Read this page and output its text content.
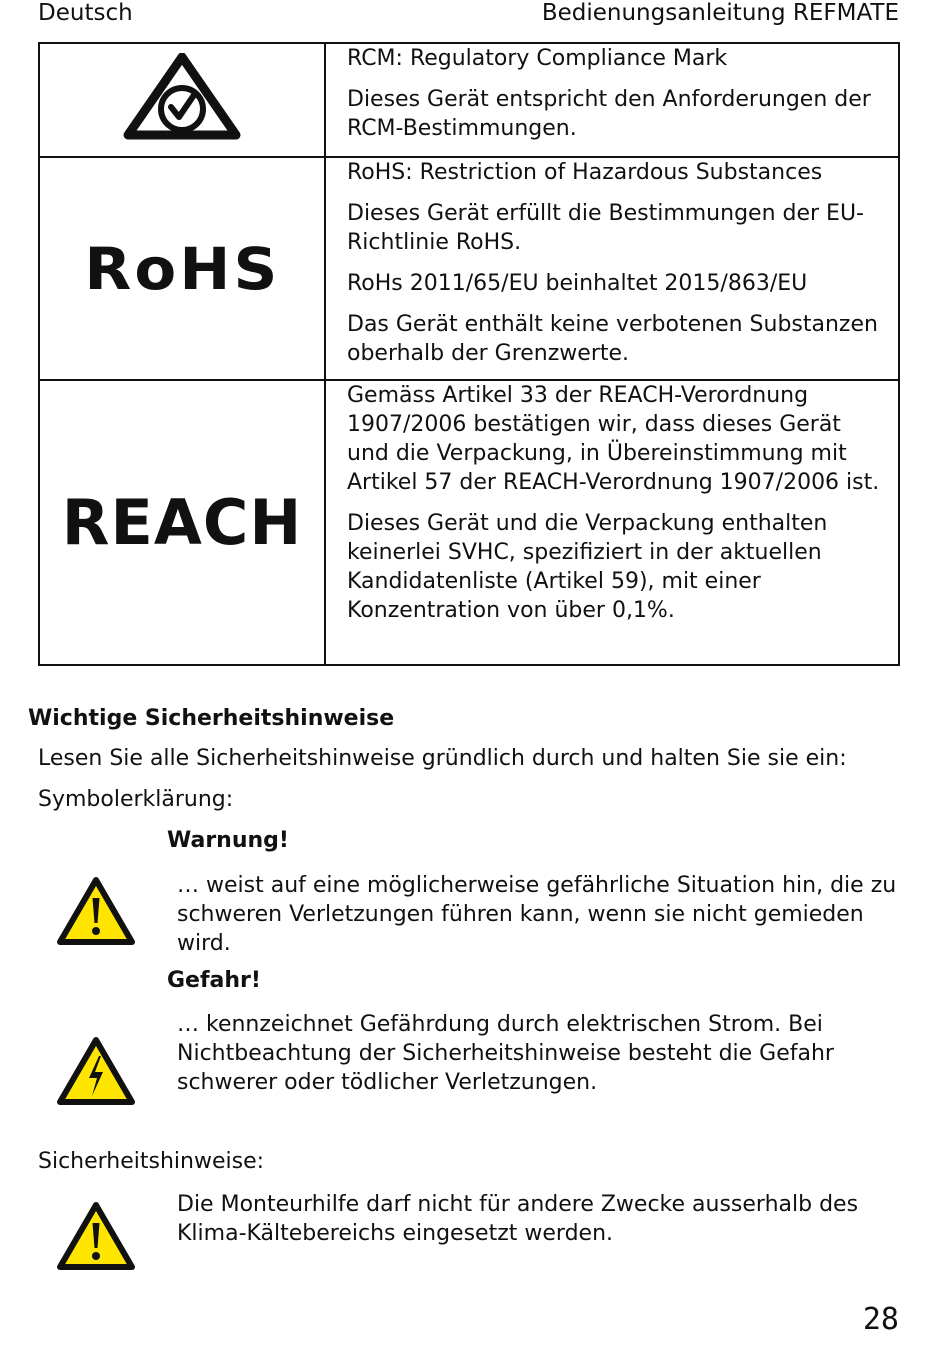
Deutsch	Bedienungsanleitung REFMATE

RCM: Regulatory Compliance Mark

Dieses Gerät entspricht den Anforderungen der RCM-Bestimmungen.

RoHS	RoHS: Restriction of Hazardous Substances

Dieses Gerät erfüllt die Bestimmungen der EU-Richtlinie RoHS.

RoHs 2011/65/EU beinhaltet 2015/863/EU

Das Gerät enthält keine verbotenen Substanzen oberhalb der Grenzwerte.

REACH	Gemäss Artikel 33 der REACH-Verordnung 1907/2006 bestätigen wir, dass dieses Gerät und die Verpackung, in Übereinstimmung mit Artikel 57 der REACH-Verordnung 1907/2006 ist.

Dieses Gerät und die Verpackung enthalten keinerlei SVHC, spezifiziert in der aktuellen Kandidatenliste (Artikel 59), mit einer Konzentration von über 0,1%.

Wichtige Sicherheitshinweise
Lesen Sie alle Sicherheitshinweise gründlich durch und halten Sie sie ein:
Symbolerklärung:
Warnung!
… weist auf eine möglicherweise gefährliche Situation hin, die zu schweren Verletzungen führen kann, wenn sie nicht gemieden wird.
Gefahr!
… kennzeichnet Gefährdung durch elektrischen Strom. Bei Nichtbeachtung der Sicherheitshinweise besteht die Gefahr schwerer oder tödlicher Verletzungen.
Sicherheitshinweise:
Die Monteurhilfe darf nicht für andere Zwecke ausserhalb des Klima-Kältebereichs eingesetzt werden.
28
